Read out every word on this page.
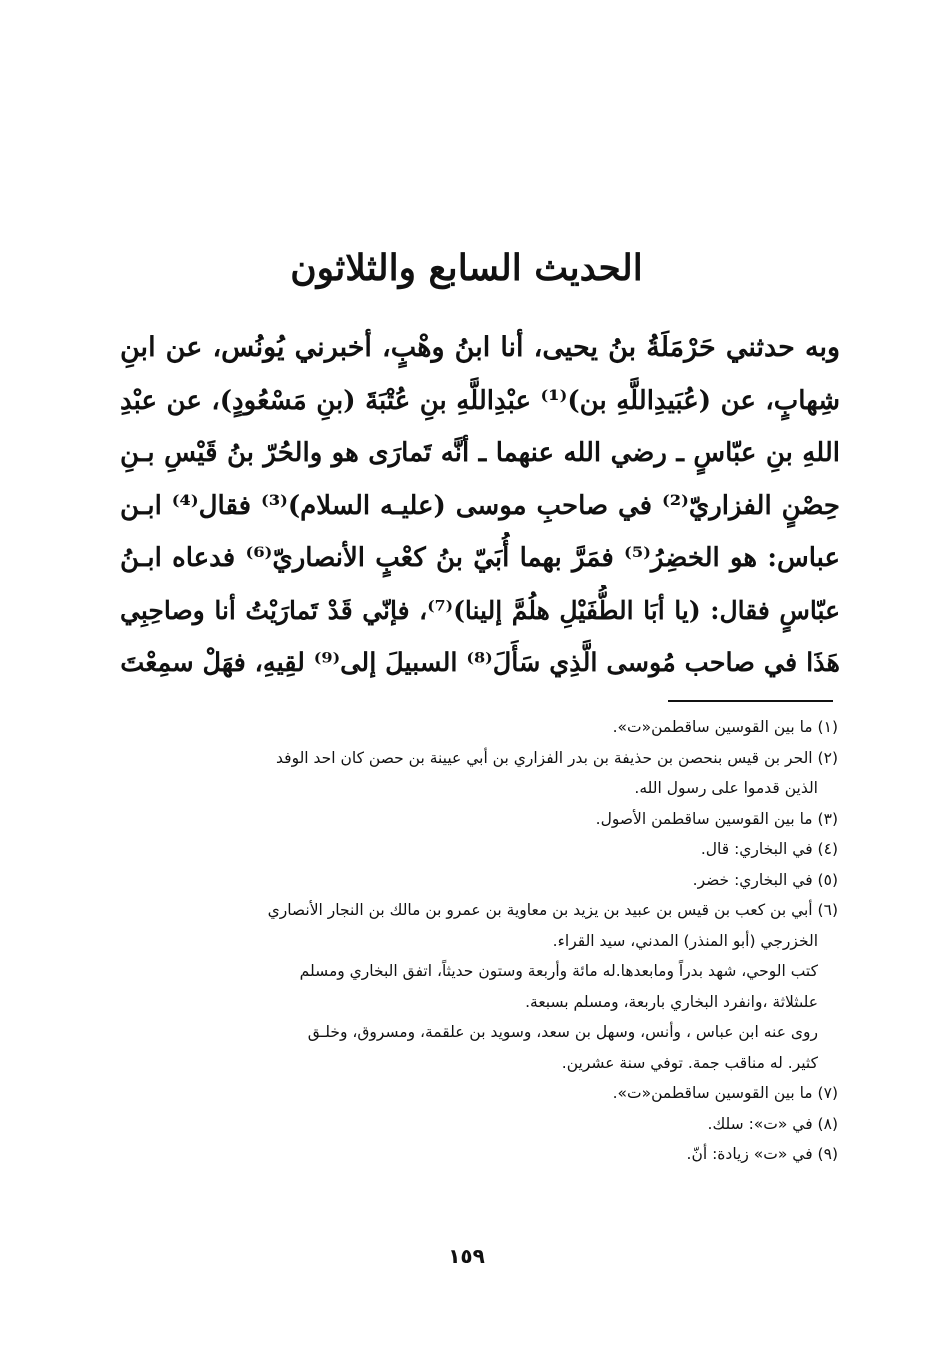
الحديث السابع والثلاثون
وبه حدثني حَرْمَلَةُ بنُ يحيى، أنا ابنُ وهْبٍ، أخبرني يُونُس، عن ابنِ
شِهابٍ، عن (عُبَيدِاللَّهِ بن)⁽¹⁾ عبْدِاللَّهِ بنِ عُتْبَةَ (بنِ مَسْعُودٍ)، عن عبْدِ
اللهِ بنِ عبّاسٍ ـ رضي الله عنهما ـ أنَّه تَمارَى هو والحُرّ بنُ قَيْسِ بـنِ
حِصْنٍ الفزاريّ⁽²⁾ في صاحبِ موسى (عليـه السلام)⁽³⁾ فقال⁽⁴⁾ ابـن
عباس: هو الخضِرُ⁽⁵⁾ فمَرَّ بهما أُبَيّ بنُ كعْبٍ الأنصاريّ⁽⁶⁾ فدعاه ابـنُ
عبّاسٍ فقال: (يا أبَا الطُّفَيْلِ هلُمَّ إلينا)⁽⁷⁾، فإنّي قَدْ تَمارَيْتُ أنا وصاحِبِي
هَذَا في صاحب مُوسى الَّذِي سَأَلَ⁽⁸⁾ السبيلَ إلى⁽⁹⁾ لقِيهِ، فهَلْ سمِعْتَ
(١) ما بين القوسين ساقطمن«ت».
(٢) الحر بن قيس بنحصن بن حذيفة بن بدر الفزاري بن أبي عيينة بن حصن كان احد الوفد
الذين قدموا على رسول الله.
(٣) ما بين القوسين ساقطمن الأصول.
(٤) في البخاري: قال.
(٥) في البخاري: خضر.
(٦) أبي بن كعب بن قيس بن عبيد بن يزيد بن معاوية بن عمرو بن مالك بن النجار الأنصاري
الخزرجي (أبو المنذر) المدني، سيد القراء.
كتب الوحي، شهد بدراً ومابعدها.له مائة وأربعة وستون حديثاً، اتفق البخاري ومسلم
علىثلاثة ،وانفرد البخاري باربعة، ومسلم بسبعة.
روى عنه ابن عباس ، وأنس، وسهل بن سعد، وسويد بن علقمة، ومسروق، وخلـق
كثير. له مناقب جمة. توفي سنة عشرين.
(٧) ما بين القوسين ساقطمن«ت».
(٨) في «ت»: سلك.
(٩) في «ت» زيادة: أنّ.
١٥٩
